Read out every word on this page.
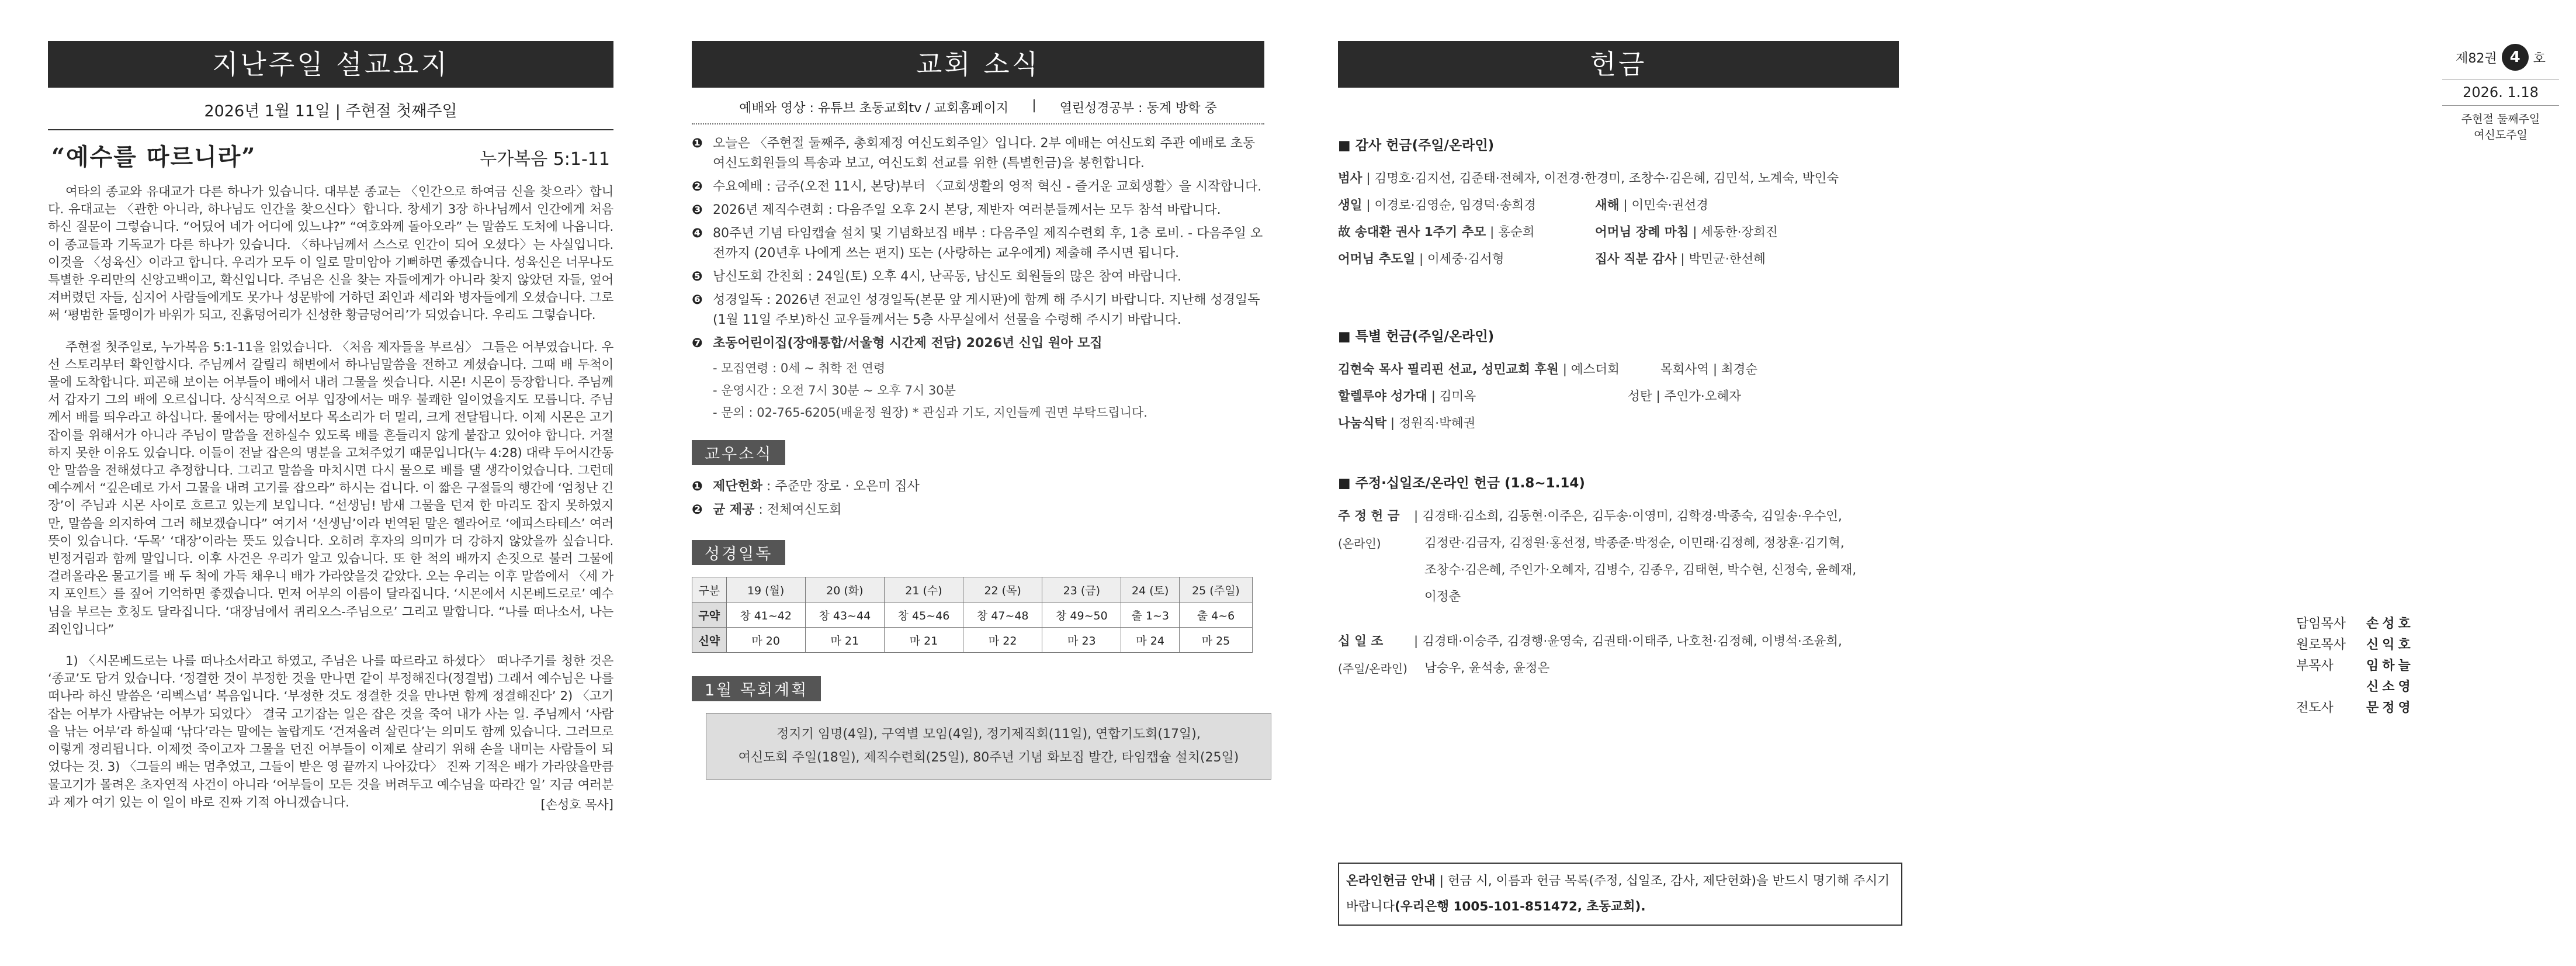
지난주일 설교요지
2026년 1월 11일 | 주현절 첫째주일
“예수를 따르니라”	누가복음 5:1-11

여타의 종교와 유대교가 다른 하나가 있습니다. 대부분 종교는 〈인간으로 하여금 신을 찾으라〉합니다. 유대교는 〈관한 아니라, 하나님도 인간을 찾으신다〉합니다. 창세기 3장 하나님께서 인간에게 처음 하신 질문이 그렇습니다. “어딨어 네가 어디에 있느냐?” “여호와께 돌아오라” 는 말씀도 도처에 나옵니다. 이 종교들과 기독교가 다른 하나가 있습니다. 〈하나님께서 스스로 인간이 되어 오셨다〉는 사실입니다. 이것을 〈성육신〉이라고 합니다. 우리가 모두 이 일로 말미암아 기뻐하면 좋겠습니다. 성육신은 너무나도 특별한 우리만의 신앙고백이고, 확신입니다. 주님은 신을 찾는 자들에게가 아니라 찾지 않았던 자들, 엎어져버렸던 자들, 심지어 사람들에게도 못가나 성문밖에 거하던 죄인과 세리와 병자들에게 오셨습니다. 그로써 ‘평범한 돌멩이가 바위가 되고, 진흙덩어리가 신성한 황금덩어리’가 되었습니다. 우리도 그렇습니다.

주현절 첫주일로, 누가복음 5:1-11을 읽었습니다. 〈처음 제자들을 부르심〉 그들은 어부였습니다. 우선 스토리부터 확인합시다. 주님께서 갈릴리 해변에서 하나님말씀을 전하고 계셨습니다. 그때 배 두척이 물에 도착합니다. 피곤해 보이는 어부들이 배에서 내려 그물을 씻습니다. 시몬! 시몬이 등장합니다. 주님께서 갑자기 그의 배에 오르십니다. 상식적으로 어부 입장에서는 매우 불쾌한 일이었을지도 모릅니다. 주님께서 배를 띄우라고 하십니다. 물에서는 땅에서보다 목소리가 더 멀리, 크게 전달됩니다. 이제 시몬은 고기잡이를 위해서가 아니라 주님이 말씀을 전하실수 있도록 배를 흔들리지 않게 붙잡고 있어야 합니다. 거절하지 못한 이유도 있습니다. 이들이 전날 잡은의 명분을 고쳐주었기 때문입니다(누 4:28) 대략 두어시간동안 말씀을 전해셨다고 추정합니다. 그리고 말씀을 마치시면 다시 물으로 배를 댈 생각이었습니다. 그런데 예수께서 “깊은데로 가서 그물을 내려 고기를 잡으라” 하시는 겁니다. 이 짧은 구절들의 행간에 ‘엄청난 긴장’이 주님과 시몬 사이로 흐르고 있는게 보입니다. “선생님! 밤새 그물을 던져 한 마리도 잡지 못하였지만, 말씀을 의지하여 그러 해보겠습니다” 여기서 ‘선생님’이라 번역된 말은 헬라어로 ‘에피스타테스’ 여러 뜻이 있습니다. ‘두목’ ‘대장’이라는 뜻도 있습니다. 오히려 후자의 의미가 더 강하지 않았을까 싶습니다. 빈정거림과 함께 말입니다. 이후 사건은 우리가 알고 있습니다. 또 한 척의 배까지 손짓으로 불러 그물에 걸려올라온 물고기를 배 두 척에 가득 채우니 배가 가라앉을것 같았다. 오는 우리는 이후 말씀에서 〈세 가지 포인트〉를 짚어 기억하면 좋겠습니다. 먼저 어부의 이름이 달라집니다. ‘시몬에서 시몬베드로로’ 예수님을 부르는 호칭도 달라집니다. ‘대장님에서 퀴리오스-주님으로’ 그리고 말합니다. “나를 떠나소서, 나는 죄인입니다”

1) 〈시몬베드로는 나를 떠나소서라고 하였고, 주님은 나를 따르라고 하셨다〉 떠나주기를 청한 것은 ‘종교’도 담겨 있습니다. ‘정결한 것이 부정한 것을 만나면 같이 부정해진다(정결법) 그래서 예수님은 나를 떠나라 하신 말씀은 ‘리벡스념’ 복음입니다. ‘부정한 것도 정결한 것을 만나면 함께 정결해진다’ 2) 〈고기잡는 어부가 사람낚는 어부가 되었다〉 결국 고기잡는 일은 잡은 것을 죽여 내가 사는 일. 주님께서 ‘사람을 낚는 어부’라 하실때 ‘낚다’라는 말에는 놀랍게도 ‘건져올려 살린다’는 의미도 함께 있습니다. 그러므로 이렇게 정리됩니다. 이제껏 죽이고자 그물을 던진 어부들이 이제로 살리기 위해 손을 내미는 사람들이 되었다는 것. 3) 〈그들의 배는 멈추었고, 그들이 받은 영 끝까지 나아갔다〉 진짜 기적은 배가 가라앉을만큼 물고기가 몰려온 초자연적 사건이 아니라 ‘어부들이 모든 것을 버려두고 예수님을 따라간 일’ 지금 여러분과 제가 여기 있는 이 일이 바로 진짜 기적 아니겠습니다.	[손성호 목사]
교회 소식
예배와 영상 : 유튜브 초동교회tv / 교회홈페이지 | 열린성경공부 : 동계 방학 중
❶ 오늘은 〈주현절 둘째주, 총회제정 여신도회주일〉입니다. 2부 예배는 여신도회 주관 예배로 초동 여신도회원들의 특송과 보고, 여신도회 선교를 위한 (특별헌금)을 봉헌합니다.
❷ 수요예배 : 금주(오전 11시, 본당)부터 〈교회생활의 영적 혁신 - 즐거운 교회생활〉을 시작합니다.
❸ 2026년 제직수련회 : 다음주일 오후 2시 본당, 제반자 여러분들께서는 모두 참석 바랍니다.
❹ 80주년 기념 타임캡슐 설치 및 기념화보집 배부 : 다음주일 제직수련회 후, 1층 로비. - 다음주일 오전까지 (20년후 나에게 쓰는 편지) 또는 (사랑하는 교우에게) 제출해 주시면 됩니다.
❺ 남신도회 간친회 : 24일(토) 오후 4시, 난곡동, 남신도 회원들의 많은 참여 바랍니다.
❻ 성경일독 : 2026년 전교인 성경일독(본문 앞 게시판)에 함께 해 주시기 바랍니다. 지난해 성경일독(1월 11일 주보)하신 교우들께서는 5층 사무실에서 선물을 수령해 주시기 바랍니다.
❼ 초동어린이집(장애통합/서울형 시간제 전담) 2026년 신입 원아 모집
- 모집연령 : 0세 ~ 취학 전 연령
- 운영시간 : 오전 7시 30분 ~ 오후 7시 30분
- 문의 : 02-765-6205(배윤정 원장) * 관심과 기도, 지인들께 권면 부탁드립니다.
교우소식
❶ 제단헌화 : 주준만 장로 · 오은미 집사
❷ 균 제공 : 전체여신도회
성경일독
구분	19 (월)	20 (화)	21 (수)	22 (목)	23 (금)	24 (토)	25 (주일)
구약	창 41~42	창 43~44	창 45~46	창 47~48	창 49~50	출 1~3	출 4~6
신약	마 20	마 21	마 21	마 22	마 23	마 24	마 25
1월 목회계획
정지기 임명(4일), 구역별 모임(4일), 정기제직회(11일), 연합기도회(17일),
여신도회 주일(18일), 제직수련회(25일), 80주년 기념 화보집 발간, 타임캡슐 설치(25일)
헌금
■ 감사 헌금(주일/온라인)
범사 | 김명호·김지선, 김준태·전혜자, 이전경·한경미, 조창수·김은혜, 김민석, 노계숙, 박인숙
생일 | 이경로·김영순, 임경덕·송희경	새해 | 이민숙·권선경
故 송대환 권사 1주기 추모 | 홍순희	어머님 장례 마침 | 세동한·장희진
어머님 추도일 | 이세중·김서형	집사 직분 감사 | 박민균·한선혜
■ 특별 헌금(주일/온라인)
김현숙 목사 필리핀 선교, 성민교회 후원 | 예스더회	목회사역 | 최경순
할렐루야 성가대 | 김미옥	성탄 | 주인가·오혜자
나눔식탁 | 정원직·박혜권
■ 주정·십일조/온라인 헌금 (1.8~1.14)
주 정 헌 금
(온라인)
| 김경태·김소희, 김동현·이주은, 김두송·이영미, 김학경·박종숙, 김일송·우수인,
김정란·김금자, 김정원·홍선정, 박종준·박정순, 이민래·김정혜, 정창훈·김기혁,
조창수·김은혜, 주인가·오혜자, 김병수, 김종우, 김태현, 박수현, 신정숙, 윤혜재,
이정춘
십 일 조
(주일/온라인)
| 김경태·이승주, 김경행·윤영숙, 김권태·이태주, 나호천·김정혜, 이병석·조윤희,
남승우, 윤석송, 윤정은
온라인헌금 안내 | 헌금 시, 이름과 헌금 목록(주정, 십일조, 감사, 제단헌화)을 반드시 명기해 주시기 바랍니다(우리은행 1005-101-851472, 초동교회).
제82권 4 호
2026. 1.18
주현절 둘째주일
여신도주일
담임목사	손성호
원로목사	신익호
부목사	임하늘
신소영
전도사	문정영
